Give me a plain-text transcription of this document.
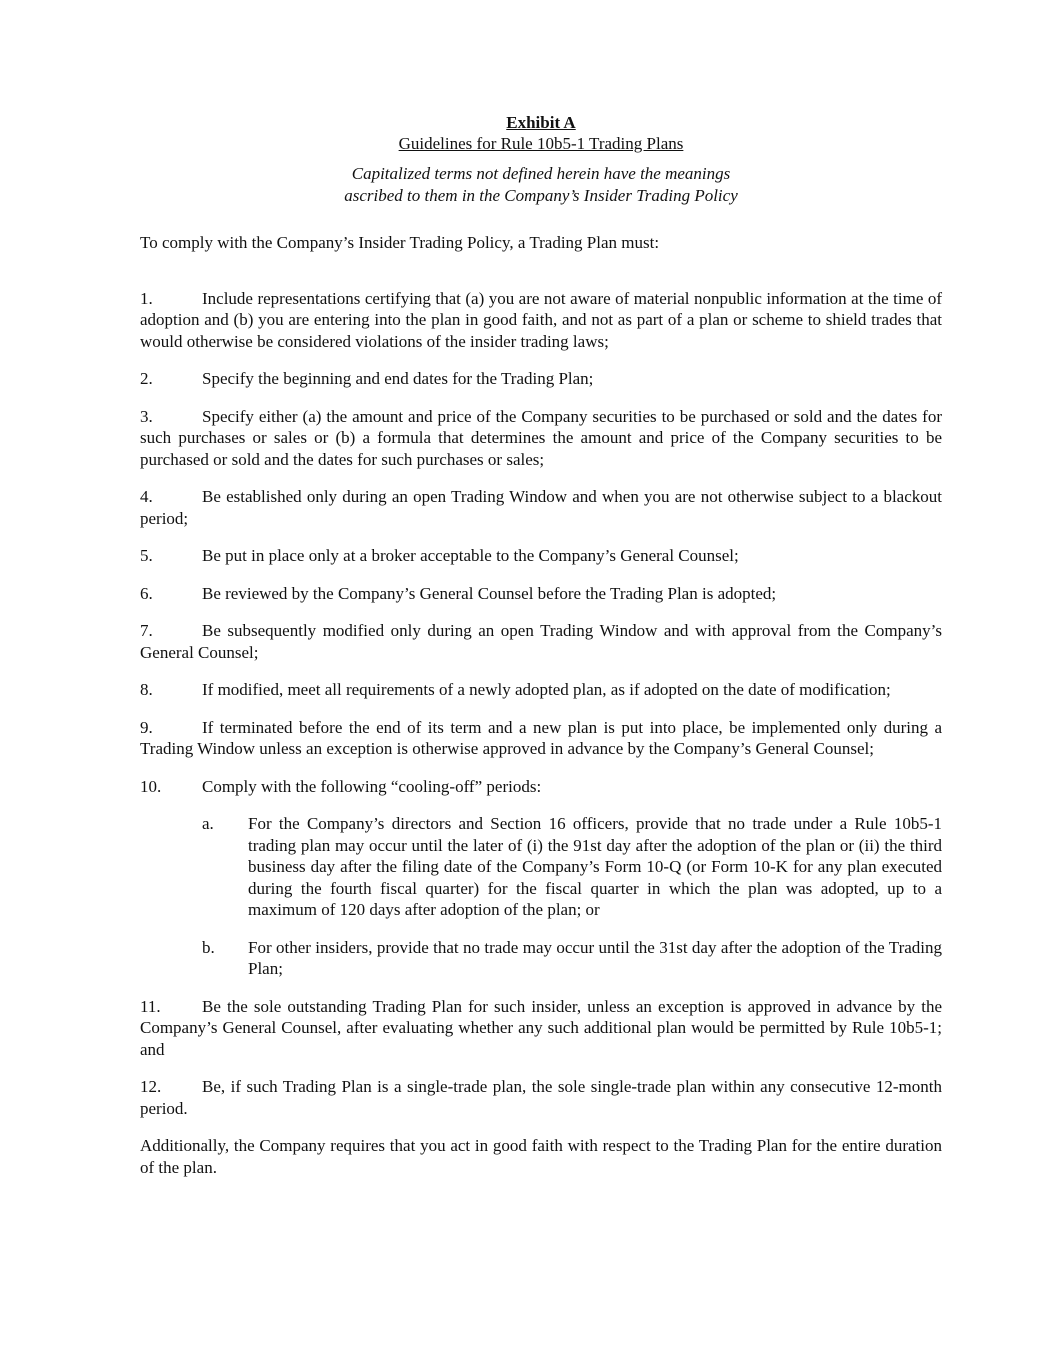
Exhibit A
Guidelines for Rule 10b5-1 Trading Plans
Capitalized terms not defined herein have the meanings
ascribed to them in the Company’s Insider Trading Policy
To comply with the Company’s Insider Trading Policy, a Trading Plan must:
1.	Include representations certifying that (a) you are not aware of material nonpublic information at the time of adoption and (b) you are entering into the plan in good faith, and not as part of a plan or scheme to shield trades that would otherwise be considered violations of the insider trading laws;
2.	Specify the beginning and end dates for the Trading Plan;
3.	Specify either (a) the amount and price of the Company securities to be purchased or sold and the dates for such purchases or sales or (b) a formula that determines the amount and price of the Company securities to be purchased or sold and the dates for such purchases or sales;
4.	Be established only during an open Trading Window and when you are not otherwise subject to a blackout period;
5.	Be put in place only at a broker acceptable to the Company’s General Counsel;
6.	Be reviewed by the Company’s General Counsel before the Trading Plan is adopted;
7.	Be subsequently modified only during an open Trading Window and with approval from the Company’s General Counsel;
8.	If modified, meet all requirements of a newly adopted plan, as if adopted on the date of modification;
9.	If terminated before the end of its term and a new plan is put into place, be implemented only during a Trading Window unless an exception is otherwise approved in advance by the Company’s General Counsel;
10. Comply with the following “cooling-off” periods:
a. For the Company’s directors and Section 16 officers, provide that no trade under a Rule 10b5-1 trading plan may occur until the later of (i) the 91st day after the adoption of the plan or (ii) the third business day after the filing date of the Company’s Form 10-Q (or Form 10-K for any plan executed during the fourth fiscal quarter) for the fiscal quarter in which the plan was adopted, up to a maximum of 120 days after adoption of the plan; or
b. For other insiders, provide that no trade may occur until the 31st day after the adoption of the Trading Plan;
11. Be the sole outstanding Trading Plan for such insider, unless an exception is approved in advance by the Company’s General Counsel, after evaluating whether any such additional plan would be permitted by Rule 10b5-1; and
12. Be, if such Trading Plan is a single-trade plan, the sole single-trade plan within any consecutive 12-month period.
Additionally, the Company requires that you act in good faith with respect to the Trading Plan for the entire duration of the plan.
